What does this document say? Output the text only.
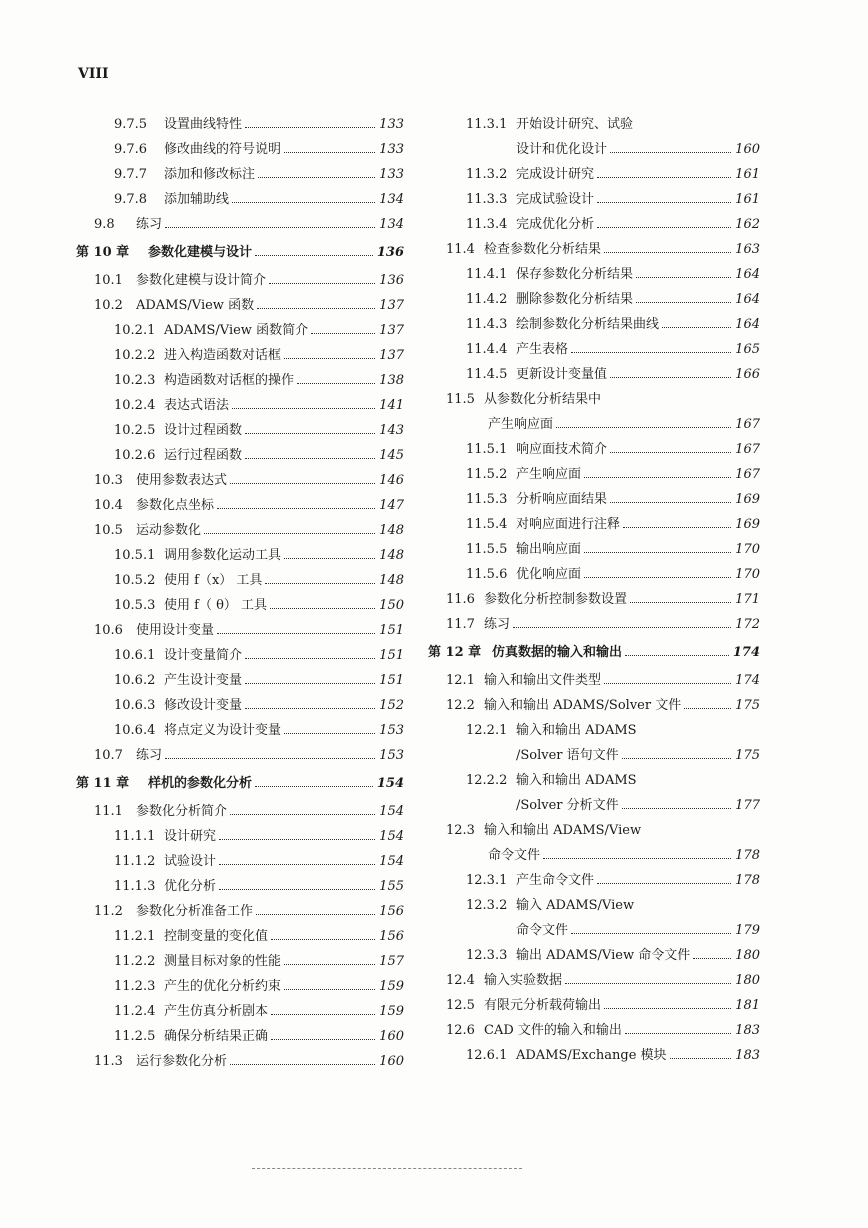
VIII
9.7.5 设置曲线特性	133
9.7.6 修改曲线的符号说明	133
9.7.7 添加和修改标注	133
9.7.8 添加辅助线	134
9.8 练习	134
第 10 章 参数化建模与设计	136
10.1 参数化建模与设计简介	136
10.2 ADAMS/View 函数	137
10.2.1 ADAMS/View 函数简介	137
10.2.2 进入构造函数对话框	137
10.2.3 构造函数对话框的操作	138
10.2.4 表达式语法	141
10.2.5 设计过程函数	143
10.2.6 运行过程函数	145
10.3 使用参数表达式	146
10.4 参数化点坐标	147
10.5 运动参数化	148
10.5.1 调用参数化运动工具	148
10.5.2 使用 f（x） 工具	148
10.5.3 使用 f（ θ） 工具	150
10.6 使用设计变量	151
10.6.1 设计变量简介	151
10.6.2 产生设计变量	151
10.6.3 修改设计变量	152
10.6.4 将点定义为设计变量	153
10.7 练习	153
第 11 章 样机的参数化分析	154
11.1 参数化分析简介	154
11.1.1 设计研究	154
11.1.2 试验设计	154
11.1.3 优化分析	155
11.2 参数化分析准备工作	156
11.2.1 控制变量的变化值	156
11.2.2 测量目标对象的性能	157
11.2.3 产生的优化分析约束	159
11.2.4 产生仿真分析剧本	159
11.2.5 确保分析结果正确	160
11.3 运行参数化分析	160
11.3.1 开始设计研究、试验
设计和优化设计	160
11.3.2 完成设计研究	161
11.3.3 完成试验设计	161
11.3.4 完成优化分析	162
11.4 检查参数化分析结果	163
11.4.1 保存参数化分析结果	164
11.4.2 删除参数化分析结果	164
11.4.3 绘制参数化分析结果曲线	164
11.4.4 产生表格	165
11.4.5 更新设计变量值	166
11.5 从参数化分析结果中
产生响应面	167
11.5.1 响应面技术简介	167
11.5.2 产生响应面	167
11.5.3 分析响应面结果	169
11.5.4 对响应面进行注释	169
11.5.5 输出响应面	170
11.5.6 优化响应面	170
11.6 参数化分析控制参数设置	171
11.7 练习	172
第 12 章 仿真数据的输入和输出	174
12.1 输入和输出文件类型	174
12.2 输入和输出 ADAMS/Solver 文件	175
12.2.1 输入和输出 ADAMS
/Solver 语句文件	175
12.2.2 输入和输出 ADAMS
/Solver 分析文件	177
12.3 输入和输出 ADAMS/View
命令文件	178
12.3.1 产生命令文件	178
12.3.2 输入 ADAMS/View
命令文件	179
12.3.3 输出 ADAMS/View 命令文件	180
12.4 输入实验数据	180
12.5 有限元分析载荷输出	181
12.6 CAD 文件的输入和输出	183
12.6.1 ADAMS/Exchange 模块	183
